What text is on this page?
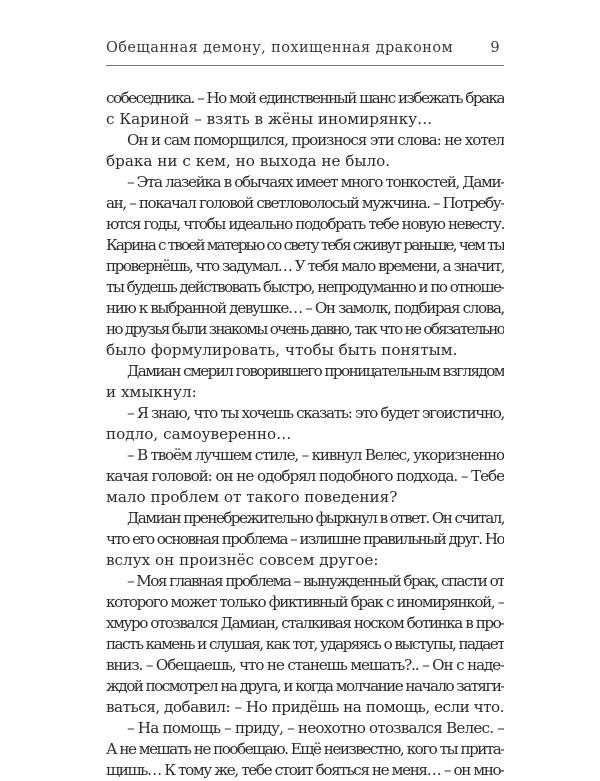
Обещанная демону, похищенная драконом	9
собеседника. – Но мой единственный шанс избежать брака
с Кариной – взять в жёны иномирянку…
Он и сам поморщился, произнося эти слова: не хотел
брака ни с кем, но выхода не было.
– Эта лазейка в обычаях имеет много тонкостей, Дами-
ан, – покачал головой светловолосый мужчина. – Потребу-
ются годы, чтобы идеально подобрать тебе новую невесту.
Карина с твоей матерью со свету тебя сживут раньше, чем ты
провернёшь, что задумал… У тебя мало времени, а значит,
ты будешь действовать быстро, непродуманно и по отноше-
нию к выбранной девушке… – Он замолк, подбирая слова,
но друзья были знакомы очень давно, так что не обязательно
было формулировать, чтобы быть понятым.
Дамиан смерил говорившего проницательным взглядом
и хмыкнул:
– Я знаю, что ты хочешь сказать: это будет эгоистично,
подло, самоуверенно…
– В твоём лучшем стиле, – кивнул Велес, укоризненно
качая головой: он не одобрял подобного подхода. – Тебе
мало проблем от такого поведения?
Дамиан пренебрежительно фыркнул в ответ. Он считал,
что его основная проблема – излишне правильный друг. Но
вслух он произнёс совсем другое:
– Моя главная проблема – вынужденный брак, спасти от
которого может только фиктивный брак с иномирянкой, –
хмуро отозвался Дамиан, сталкивая носком ботинка в про-
пасть камень и слушая, как тот, ударяясь о выступы, падает
вниз. – Обещаешь, что не станешь мешать?.. – Он с наде-
ждой посмотрел на друга, и когда молчание начало затяги-
ваться, добавил: – Но придёшь на помощь, если что.
– На помощь – приду, – неохотно отозвался Велес. –
А не мешать не пообещаю. Ещё неизвестно, кого ты прита-
щишь… К тому же, тебе стоит бояться не меня… – он мно-
